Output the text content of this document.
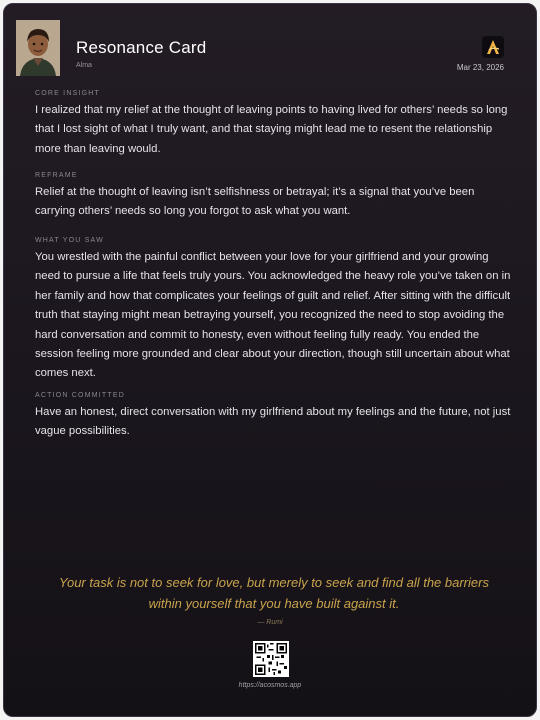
Resonance Card
Alma	Mar 23, 2026
CORE INSIGHT
I realized that my relief at the thought of leaving points to having lived for others’ needs so long that I lost sight of what I truly want, and that staying might lead me to resent the relationship more than leaving would.
REFRAME
Relief at the thought of leaving isn’t selfishness or betrayal; it’s a signal that you’ve been carrying others’ needs so long you forgot to ask what you want.
WHAT YOU SAW
You wrestled with the painful conflict between your love for your girlfriend and your growing need to pursue a life that feels truly yours. You acknowledged the heavy role you’ve taken on in her family and how that complicates your feelings of guilt and relief. After sitting with the difficult truth that staying might mean betraying yourself, you recognized the need to stop avoiding the hard conversation and commit to honesty, even without feeling fully ready. You ended the session feeling more grounded and clear about your direction, though still uncertain about what comes next.
ACTION COMMITTED
Have an honest, direct conversation with my girlfriend about my feelings and the future, not just vague possibilities.
Your task is not to seek for love, but merely to seek and find all the barriers within yourself that you have built against it.
— Rumi
https://acosmos.app
